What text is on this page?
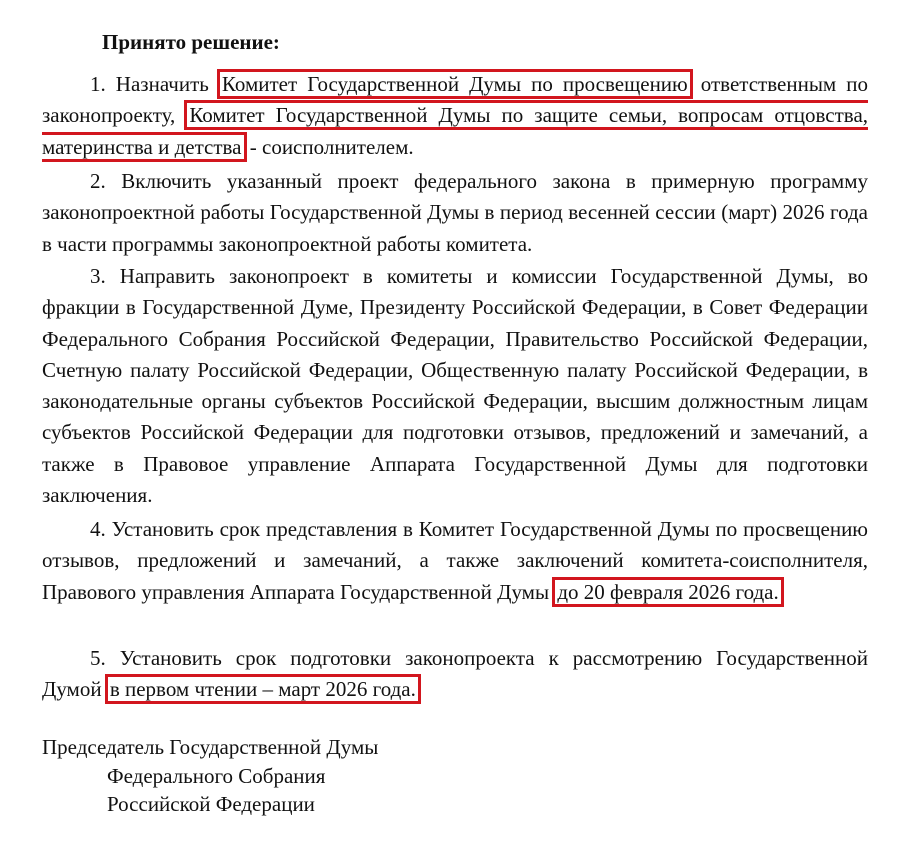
Принято решение:

1. Назначить Комитет Государственной Думы по просвещению ответственным по законопроекту, Комитет Государственной Думы по защите семьи, вопросам отцовства, материнства и детства - соисполнителем.

2. Включить указанный проект федерального закона в примерную программу законопроектной работы Государственной Думы в период весенней сессии (март) 2026 года в части программы законопроектной работы комитета.

3. Направить законопроект в комитеты и комиссии Государственной Думы, во фракции в Государственной Думе, Президенту Российской Федерации, в Совет Федерации Федерального Собрания Российской Федерации, Правительство Российской Федерации, Счетную палату Российской Федерации, Общественную палату Российской Федерации, в законодательные органы субъектов Российской Федерации, высшим должностным лицам субъектов Российской Федерации для подготовки отзывов, предложений и замечаний, а также в Правовое управление Аппарата Государственной Думы для подготовки заключения.

4. Установить срок представления в Комитет Государственной Думы по просвещению отзывов, предложений и замечаний, а также заключений комитета-соисполнителя, Правового управления Аппарата Государственной Думы до 20 февраля 2026 года.

5. Установить срок подготовки законопроекта к рассмотрению Государственной Думой в первом чтении – март 2026 года.

Председатель Государственной Думы
Федерального Собрания
Российской Федерации
